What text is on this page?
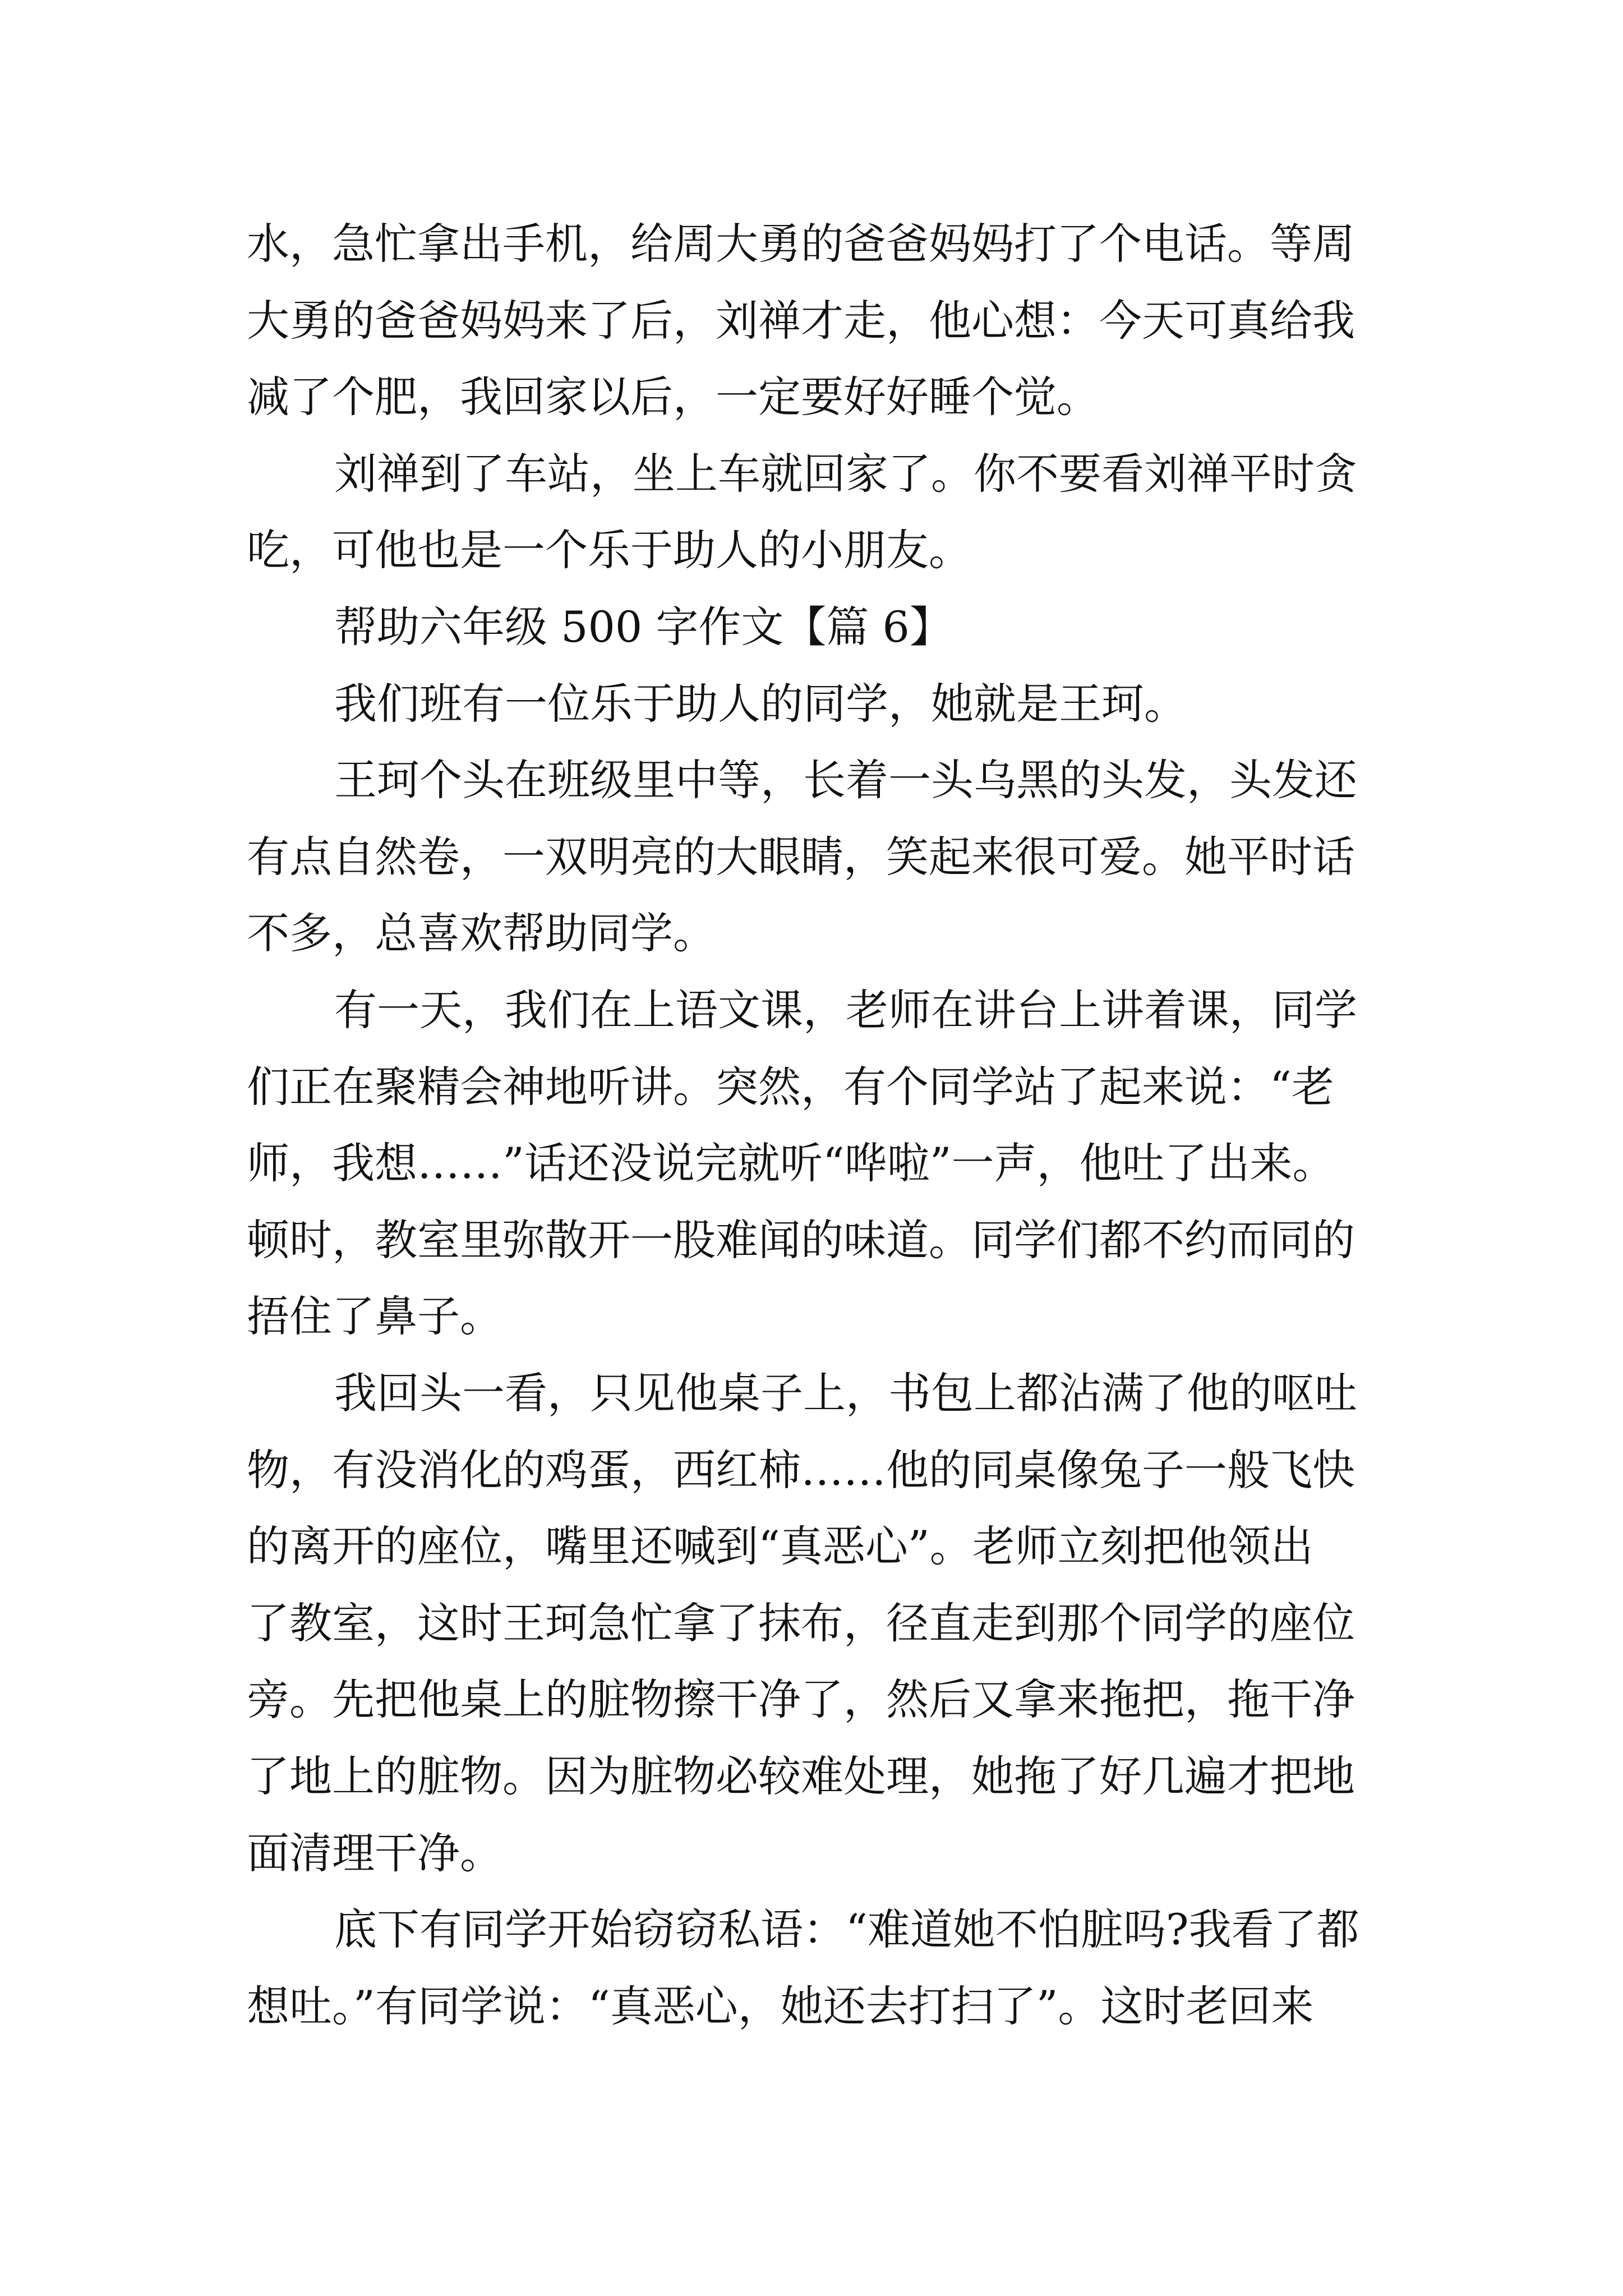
水，急忙拿出手机，给周大勇的爸爸妈妈打了个电话。等周
大勇的爸爸妈妈来了后，刘禅才走，他心想：今天可真给我
减了个肥，我回家以后，一定要好好睡个觉。
刘禅到了车站，坐上车就回家了。你不要看刘禅平时贪
吃，可他也是一个乐于助人的小朋友。
帮助六年级 500 字作文【篇 6】
我们班有一位乐于助人的同学，她就是王珂。
王珂个头在班级里中等，长着一头乌黑的头发，头发还
有点自然卷，一双明亮的大眼睛，笑起来很可爱。她平时话
不多，总喜欢帮助同学。
有一天，我们在上语文课，老师在讲台上讲着课，同学
们正在聚精会神地听讲。突然，有个同学站了起来说：“老
师，我想……”话还没说完就听“哗啦”一声，他吐了出来。
顿时，教室里弥散开一股难闻的味道。同学们都不约而同的
捂住了鼻子。
我回头一看，只见他桌子上，书包上都沾满了他的呕吐
物，有没消化的鸡蛋，西红柿……他的同桌像兔子一般飞快
的离开的座位，嘴里还喊到“真恶心”。老师立刻把他领出
了教室，这时王珂急忙拿了抹布，径直走到那个同学的座位
旁。先把他桌上的脏物擦干净了，然后又拿来拖把，拖干净
了地上的脏物。因为脏物必较难处理，她拖了好几遍才把地
面清理干净。
底下有同学开始窃窃私语：“难道她不怕脏吗?我看了都
想吐。”有同学说：“真恶心，她还去打扫了”。这时老回来
